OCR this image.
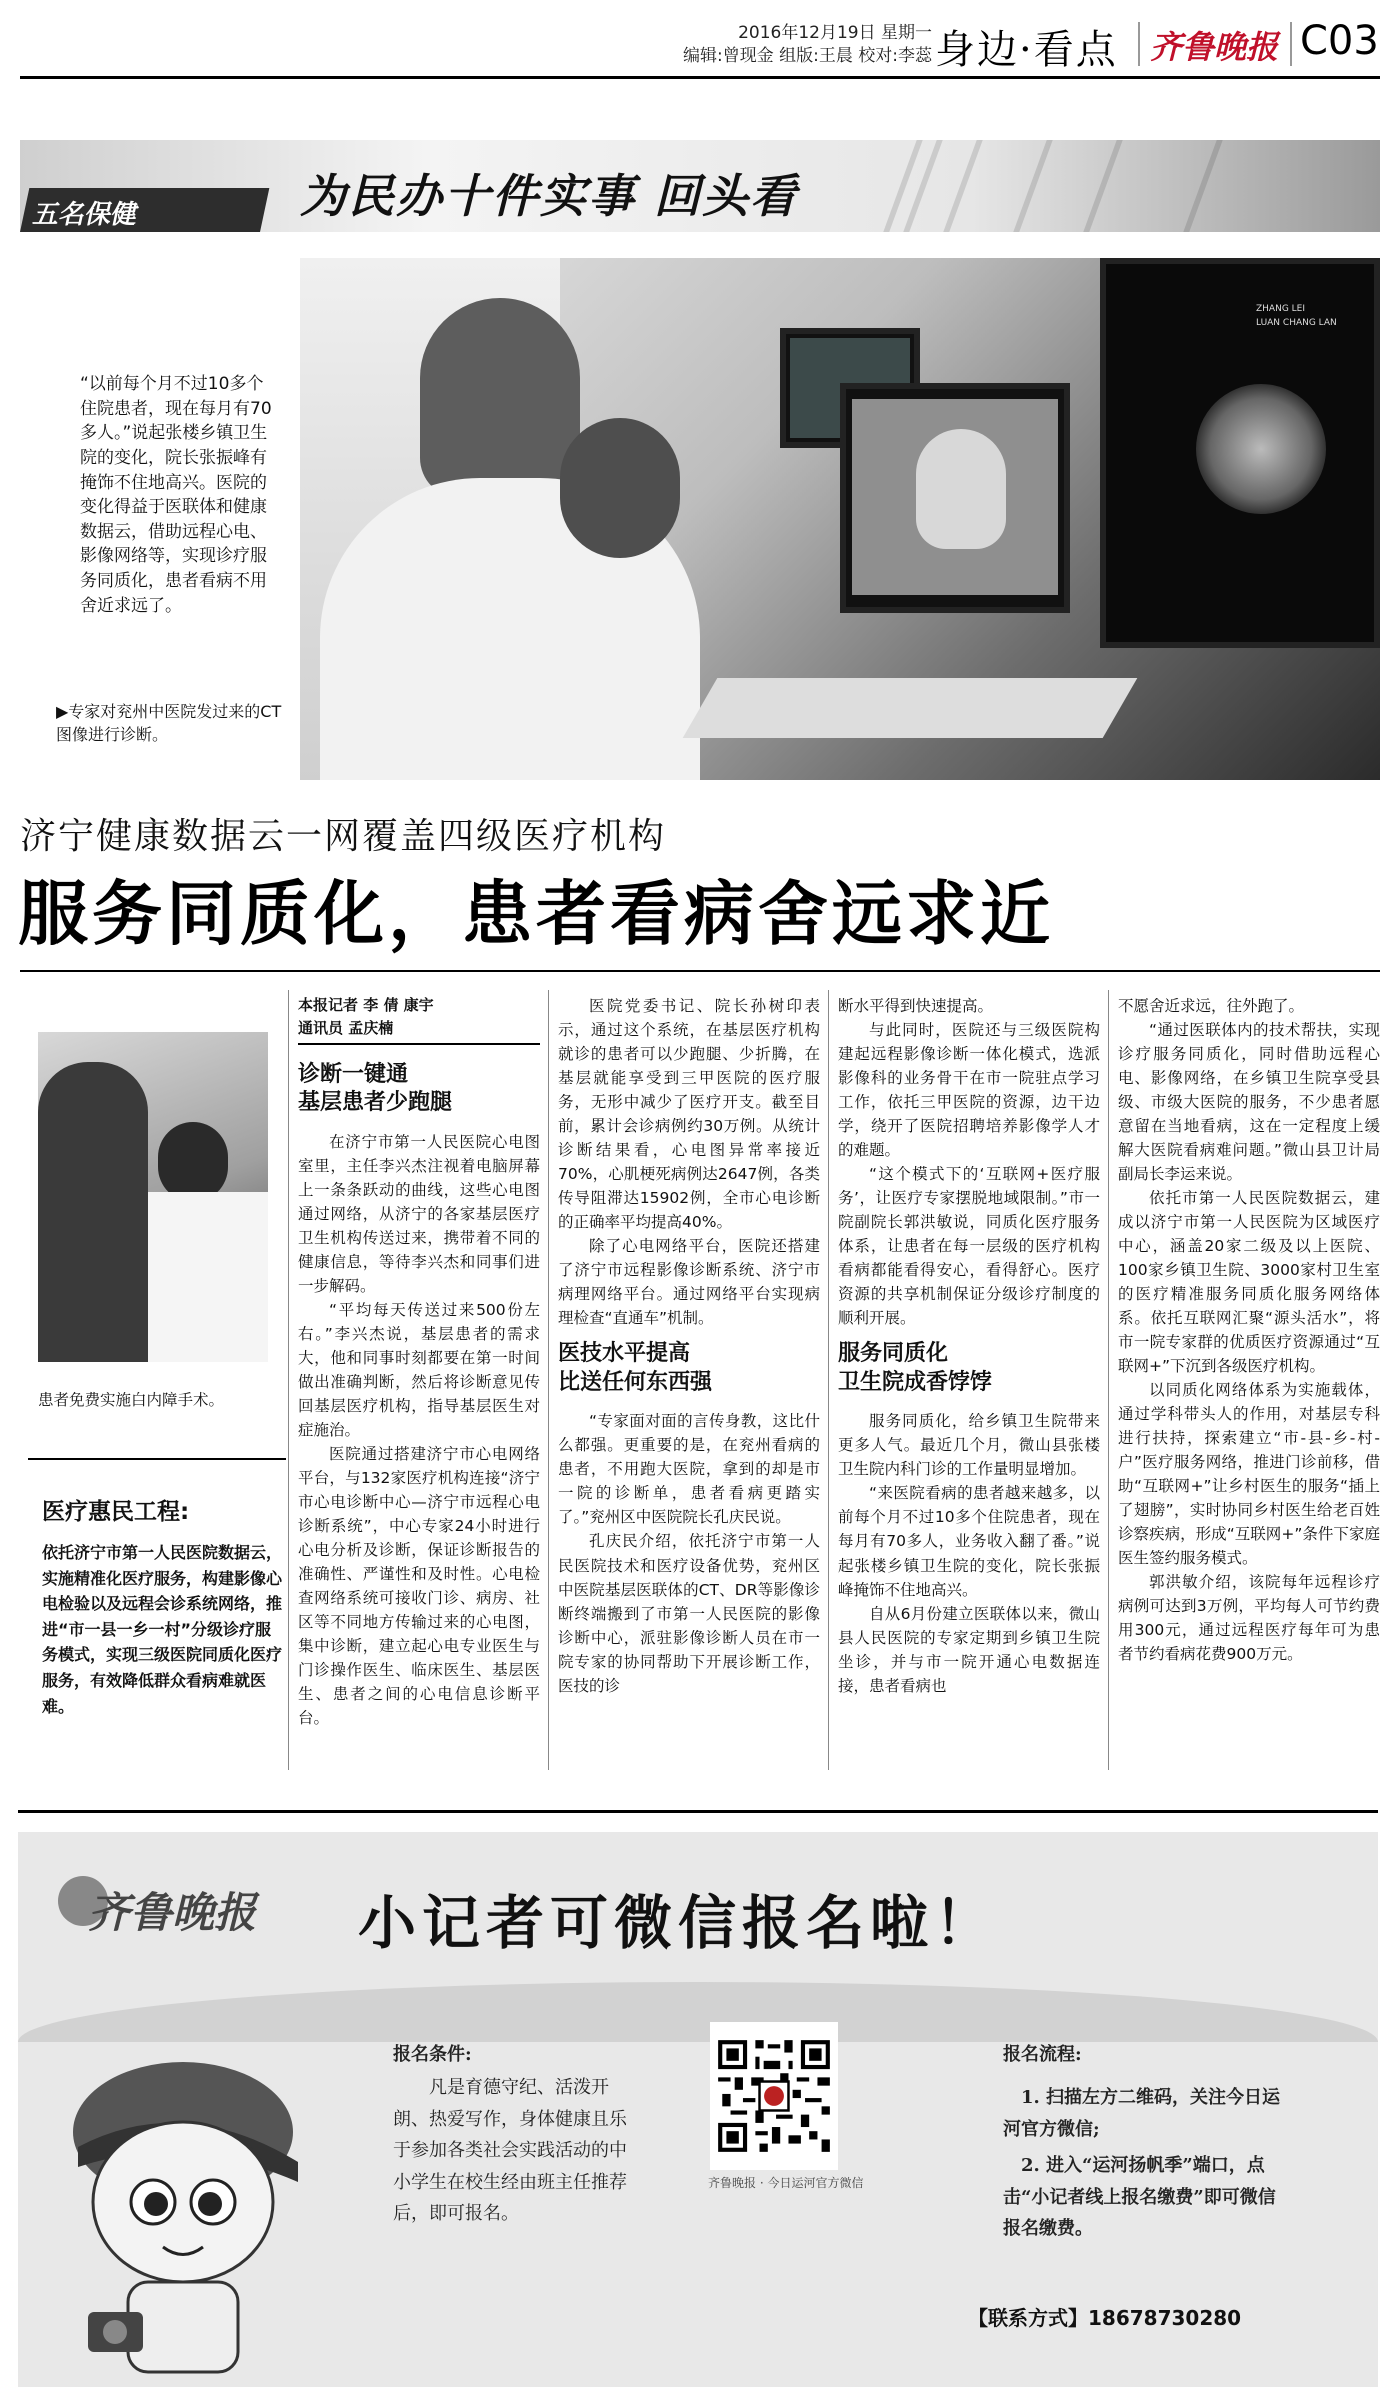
2016年12月19日 星期一
编辑:曾现金 组版:王晨 校对:李蕊 身边·看点 齐鲁晚报 C03
五名保健	为民办十件实事 回头看
ZHANG LEI
LUAN CHANG LAN
“以前每个月不过10多个住院患者，现在每月有70多人。”说起张楼乡镇卫生院的变化，院长张振峰有掩饰不住地高兴。医院的变化得益于医联体和健康数据云，借助远程心电、影像网络等，实现诊疗服务同质化，患者看病不用舍近求远了。
▶专家对兖州中医院发过来的CT图像进行诊断。
济宁健康数据云一网覆盖四级医疗机构
服务同质化，患者看病舍远求近
患者免费实施白内障手术。
医疗惠民工程:
依托济宁市第一人民医院数据云，实施精准化医疗服务，构建影像心电检验以及远程会诊系统网络，推进“市一县一乡一村”分级诊疗服务模式，实现三级医院同质化医疗服务，有效降低群众看病难就医难。
本报记者 李 倩 康宇
通讯员 孟庆楠
诊断一键通
基层患者少跑腿

在济宁市第一人民医院心电图室里，主任李兴杰注视着电脑屏幕上一条条跃动的曲线，这些心电图通过网络，从济宁的各家基层医疗卫生机构传送过来，携带着不同的健康信息，等待李兴杰和同事们进一步解码。

“平均每天传送过来500份左右。”李兴杰说，基层患者的需求大，他和同事时刻都要在第一时间做出准确判断，然后将诊断意见传回基层医疗机构，指导基层医生对症施治。

医院通过搭建济宁市心电网络平台，与132家医疗机构连接“济宁市心电诊断中心—济宁市远程心电诊断系统”，中心专家24小时进行心电分析及诊断，保证诊断报告的准确性、严谨性和及时性。心电检查网络系统可接收门诊、病房、社区等不同地方传输过来的心电图，集中诊断，建立起心电专业医生与门诊操作医生、临床医生、基层医生、患者之间的心电信息诊断平台。

医院党委书记、院长孙树印表示，通过这个系统，在基层医疗机构就诊的患者可以少跑腿、少折腾，在基层就能享受到三甲医院的医疗服务，无形中减少了医疗开支。截至目前，累计会诊病例约30万例。从统计诊断结果看，心电图异常率接近70%，心肌梗死病例达2647例，各类传导阻滞达15902例，全市心电诊断的正确率平均提高40%。

除了心电网络平台，医院还搭建了济宁市远程影像诊断系统、济宁市病理网络平台。通过网络平台实现病理检查“直通车”机制。

医技水平提高
比送任何东西强

“专家面对面的言传身教，这比什么都强。更重要的是，在兖州看病的患者，不用跑大医院，拿到的却是市一院的诊断单，患者看病更踏实了。”兖州区中医院院长孔庆民说。

孔庆民介绍，依托济宁市第一人民医院技术和医疗设备优势，兖州区中医院基层医联体的CT、DR等影像诊断终端搬到了市第一人民医院的影像诊断中心，派驻影像诊断人员在市一院专家的协同帮助下开展诊断工作，医技的诊

断水平得到快速提高。

与此同时，医院还与三级医院构建起远程影像诊断一体化模式，选派影像科的业务骨干在市一院驻点学习工作，依托三甲医院的资源，边干边学，绕开了医院招聘培养影像学人才的难题。

“这个模式下的‘互联网+医疗服务’，让医疗专家摆脱地域限制。”市一院副院长郭洪敏说，同质化医疗服务体系，让患者在每一层级的医疗机构看病都能看得安心，看得舒心。医疗资源的共享机制保证分级诊疗制度的顺利开展。

服务同质化
卫生院成香饽饽

服务同质化，给乡镇卫生院带来更多人气。最近几个月，微山县张楼卫生院内科门诊的工作量明显增加。

“来医院看病的患者越来越多，以前每个月不过10多个住院患者，现在每月有70多人，业务收入翻了番。”说起张楼乡镇卫生院的变化，院长张振峰掩饰不住地高兴。

自从6月份建立医联体以来，微山县人民医院的专家定期到乡镇卫生院坐诊，并与市一院开通心电数据连接，患者看病也

不愿舍近求远，往外跑了。

“通过医联体内的技术帮扶，实现诊疗服务同质化，同时借助远程心电、影像网络，在乡镇卫生院享受县级、市级大医院的服务，不少患者愿意留在当地看病，这在一定程度上缓解大医院看病难问题。”微山县卫计局副局长李运来说。

依托市第一人民医院数据云，建成以济宁市第一人民医院为区域医疗中心，涵盖20家二级及以上医院、100家乡镇卫生院、3000家村卫生室的医疗精准服务同质化服务网络体系。依托互联网汇聚“源头活水”，将市一院专家群的优质医疗资源通过“互联网+”下沉到各级医疗机构。

以同质化网络体系为实施载体，通过学科带头人的作用，对基层专科进行扶持，探索建立“市-县-乡-村-户”医疗服务网络，推进门诊前移，借助“互联网+”让乡村医生的服务“插上了翅膀”，实时协同乡村医生给老百姓诊察疾病，形成“互联网+”条件下家庭医生签约服务模式。

郭洪敏介绍，该院每年远程诊疗病例可达到3万例，平均每人可节约费用300元，通过远程医疗每年可为患者节约看病花费900万元。

齐鲁晚报 小记者可微信报名啦！
报名条件:
凡是育德守纪、活泼开朗、热爱写作，身体健康且乐于参加各类社会实践活动的中小学生在校生经由班主任推荐后，即可报名。
齐鲁晚报 · 今日运河官方微信
报名流程:
1. 扫描左方二维码，关注今日运河官方微信;
2. 进入“运河扬帆季”端口，点击“小记者线上报名缴费”即可微信报名缴费。
【联系方式】18678730280
